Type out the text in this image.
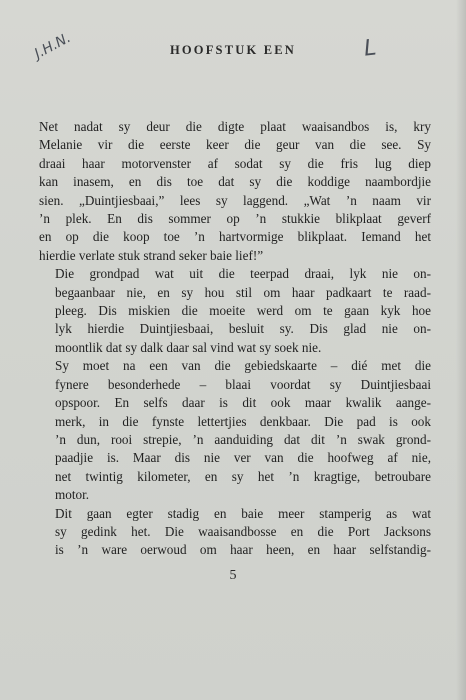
J.H.N.	HOOFSTUK EEN	L

Net nadat sy deur die digte plaat waaisandbos is, kry
Melanie vir die eerste keer die geur van die see. Sy
draai haar motorvenster af sodat sy die fris lug diep
kan inasem, en dis toe dat sy die koddige naambordjie
sien. „Duintjiesbaai,” lees sy laggend. „Wat ’n naam vir
’n plek. En dis sommer op ’n stukkie blikplaat geverf
en op die koop toe ’n hartvormige blikplaat. Iemand het
hierdie verlate stuk strand seker baie lief!”

Die grondpad wat uit die teerpad draai, lyk nie on-
begaanbaar nie, en sy hou stil om haar padkaart te raad-
pleeg. Dis miskien die moeite werd om te gaan kyk hoe
lyk hierdie Duintjiesbaai, besluit sy. Dis glad nie on-
moontlik dat sy dalk daar sal vind wat sy soek nie.

Sy moet na een van die gebiedskaarte – dié met die
fynere besonderhede – blaai voordat sy Duintjiesbaai
opspoor. En selfs daar is dit ook maar kwalik aange-
merk, in die fynste lettertjies denkbaar. Die pad is ook
’n dun, rooi strepie, ’n aanduiding dat dit ’n swak grond-
paadjie is. Maar dis nie ver van die hoofweg af nie,
net twintig kilometer, en sy het ’n kragtige, betroubare
motor.

Dit gaan egter stadig en baie meer stamperig as wat
sy gedink het. Die waaisandbosse en die Port Jacksons
is ’n ware oerwoud om haar heen, en haar selfstandig-

5
